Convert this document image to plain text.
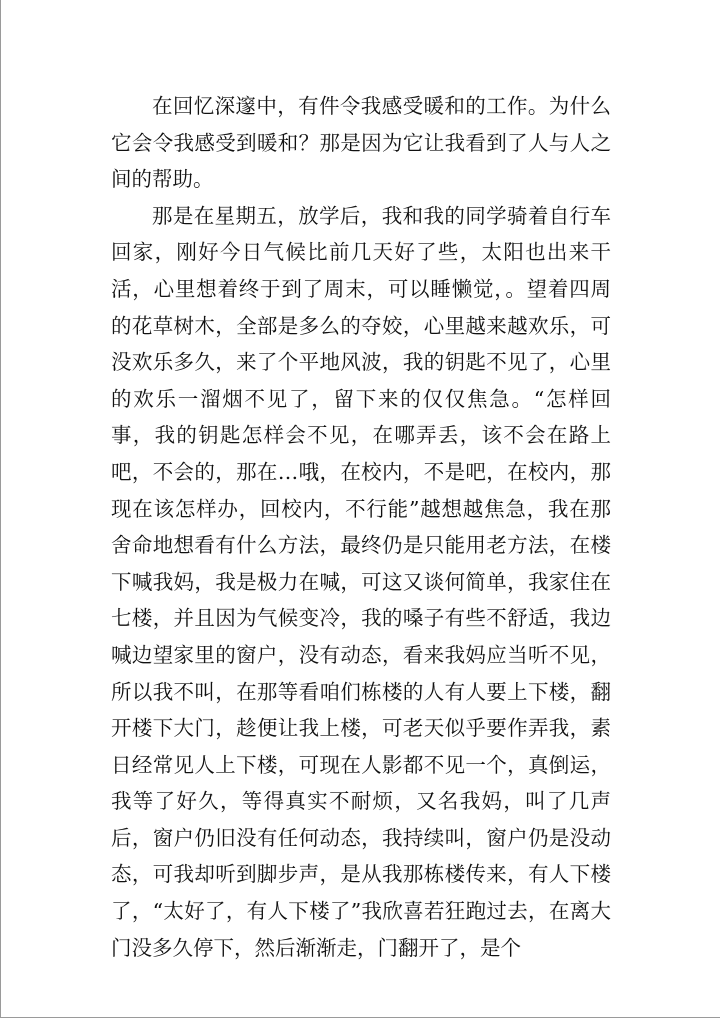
在回忆深邃中，有件令我感受暖和的工作。为什么它会令我感受到暖和？那是因为它让我看到了人与人之间的帮助。

那是在星期五，放学后，我和我的同学骑着自行车回家，刚好今日气候比前几天好了些，太阳也出来干活，心里想着终于到了周末，可以睡懒觉，。望着四周的花草树木，全部是多么的夺姣，心里越来越欢乐，可没欢乐多久，来了个平地风波，我的钥匙不见了，心里的欢乐一溜烟不见了，留下来的仅仅焦急。“怎样回事，我的钥匙怎样会不见，在哪弄丢，该不会在路上吧，不会的，那在…哦，在校内，不是吧，在校内，那现在该怎样办，回校内，不行能”越想越焦急，我在那舍命地想看有什么方法，最终仍是只能用老方法，在楼下喊我妈，我是极力在喊，可这又谈何简单，我家住在七楼，并且因为气候变冷，我的嗓子有些不舒适，我边喊边望家里的窗户，没有动态，看来我妈应当听不见，所以我不叫，在那等看咱们栋楼的人有人要上下楼，翻开楼下大门，趁便让我上楼，可老天似乎要作弄我，素日经常见人上下楼，可现在人影都不见一个，真倒运，我等了好久，等得真实不耐烦，又名我妈，叫了几声后，窗户仍旧没有任何动态，我持续叫，窗户仍是没动态，可我却听到脚步声，是从我那栋楼传来，有人下楼了，“太好了，有人下楼了”我欣喜若狂跑过去，在离大门没多久停下，然后渐渐走，门翻开了，是个
